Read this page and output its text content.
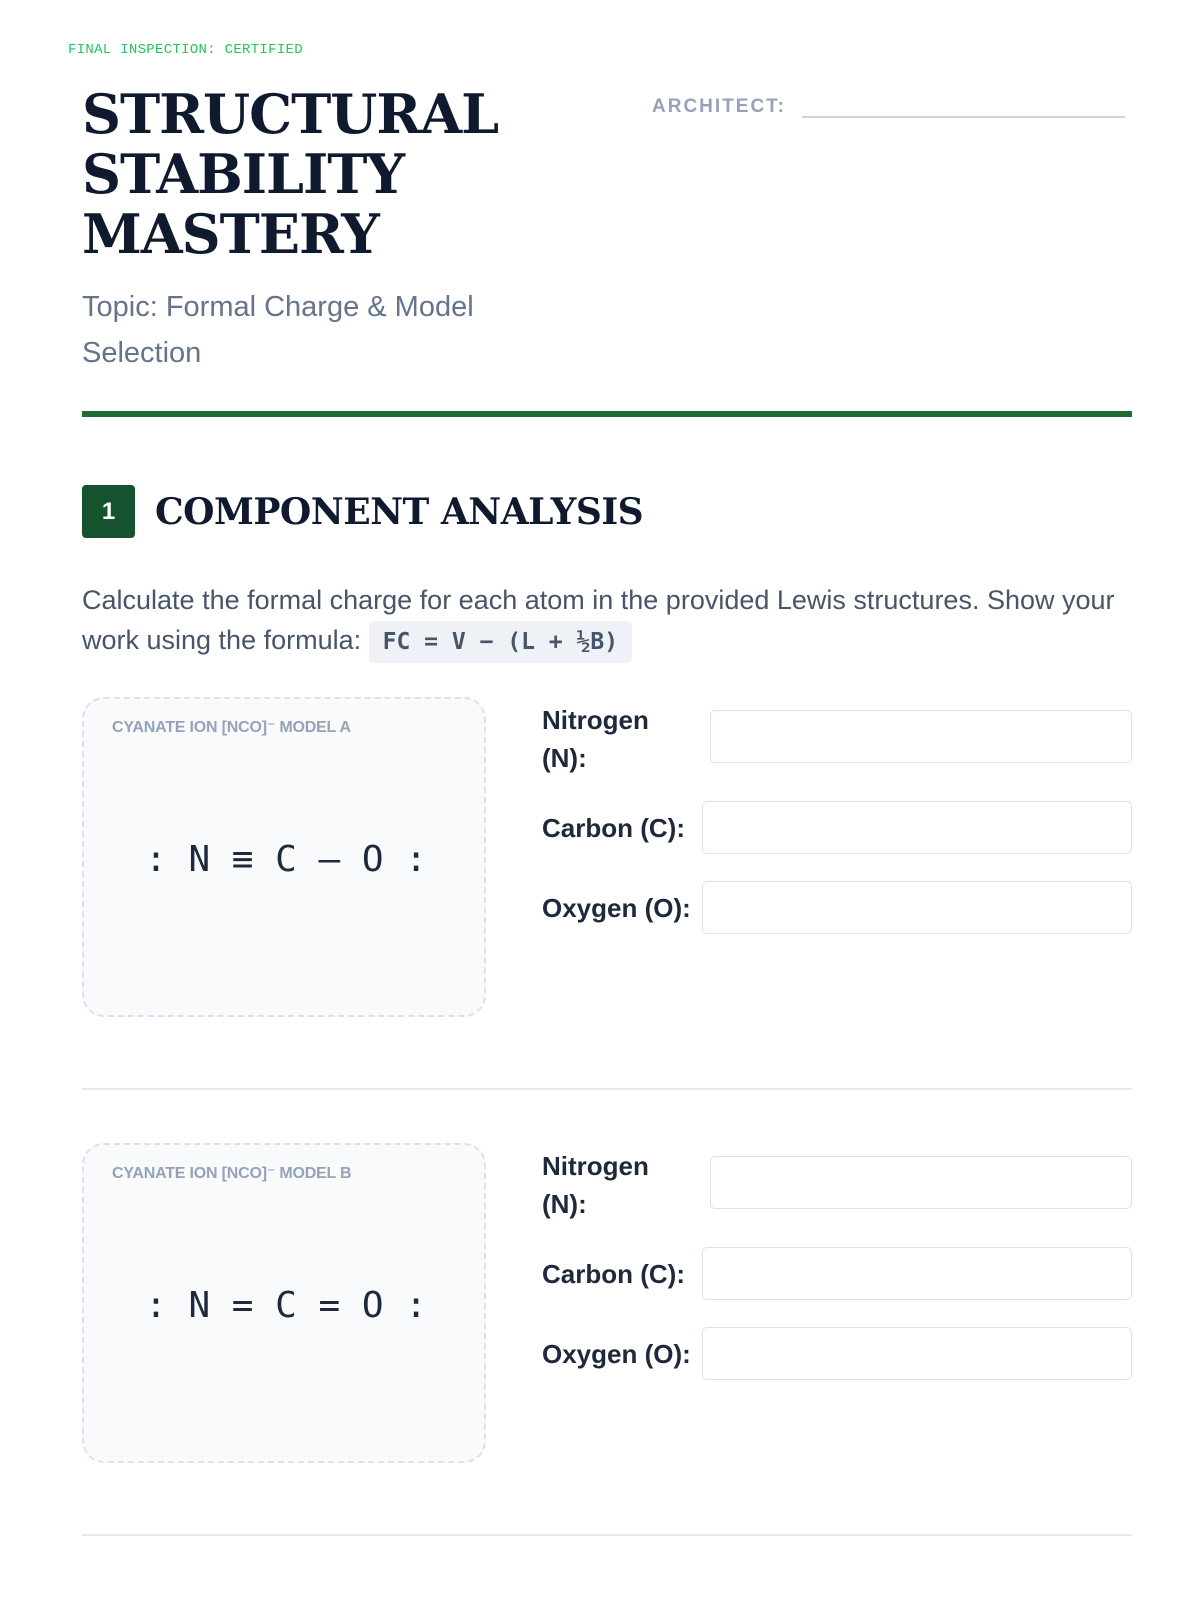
FINAL INSPECTION: CERTIFIED
STRUCTURAL STABILITY MASTERY
Topic: Formal Charge & Model Selection
ARCHITECT:
1	COMPONENT ANALYSIS
Calculate the formal charge for each atom in the provided Lewis structures. Show your work using the formula: FC = V − (L + ½B)
CYANATE ION [NCO]⁻ MODEL A
: N ≡ C — O :
Nitrogen (N):
Carbon (C):
Oxygen (O):
CYANATE ION [NCO]⁻ MODEL B
: N = C = O :
Nitrogen (N):
Carbon (C):
Oxygen (O):
